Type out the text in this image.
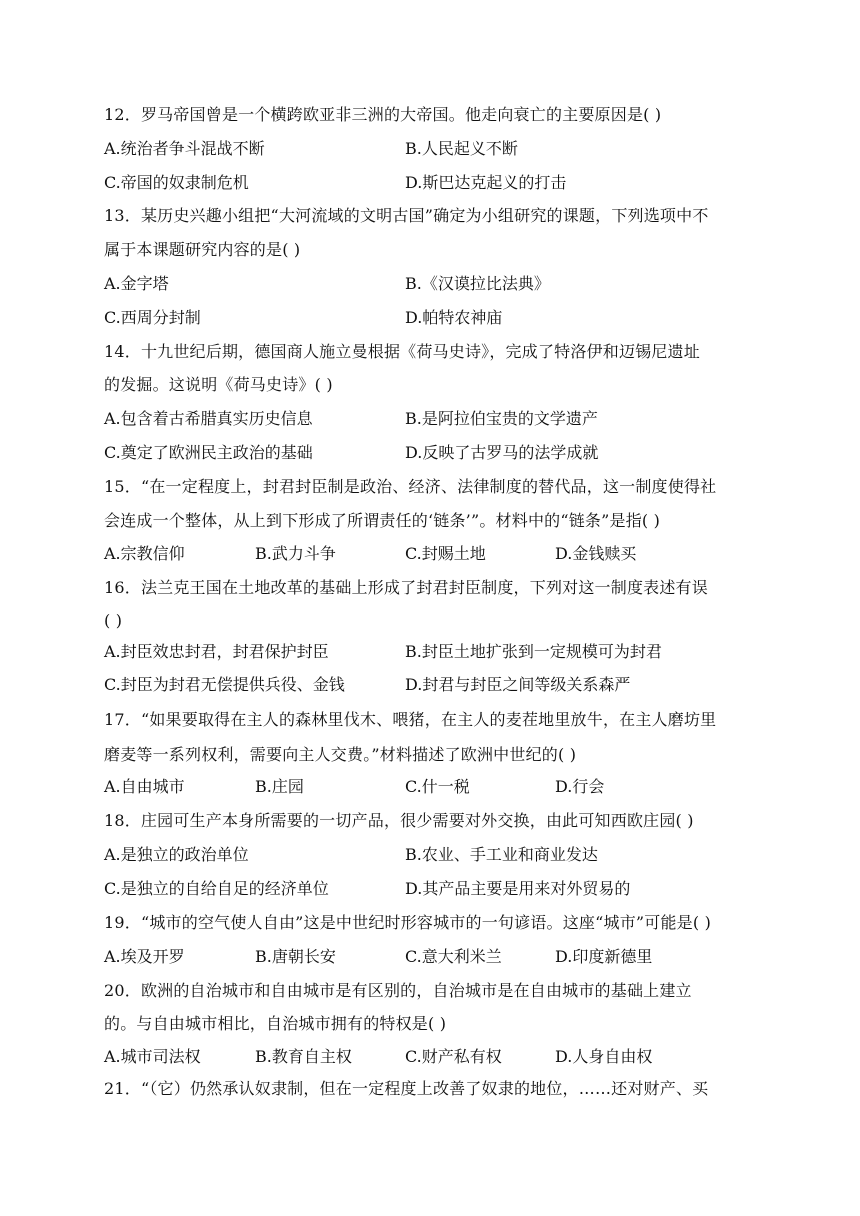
12．罗马帝国曾是一个横跨欧亚非三洲的大帝国。他走向衰亡的主要原因是( )
A.统治者争斗混战不断	B.人民起义不断
C.帝国的奴隶制危机	D.斯巴达克起义的打击
13．某历史兴趣小组把“大河流域的文明古国”确定为小组研究的课题，下列选项中不
属于本课题研究内容的是( )
A.金字塔	B.《汉谟拉比法典》
C.西周分封制	D.帕特农神庙
14．十九世纪后期，德国商人施立曼根据《荷马史诗》，完成了特洛伊和迈锡尼遗址
的发掘。这说明《荷马史诗》( )
A.包含着古希腊真实历史信息	B.是阿拉伯宝贵的文学遗产
C.奠定了欧洲民主政治的基础	D.反映了古罗马的法学成就
15．“在一定程度上，封君封臣制是政治、经济、法律制度的替代品，这一制度使得社
会连成一个整体，从上到下形成了所谓责任的‘链条’”。材料中的“链条”是指( )
A.宗教信仰	B.武力斗争	C.封赐土地	D.金钱赎买
16．法兰克王国在土地改革的基础上形成了封君封臣制度，下列对这一制度表述有误
( )
A.封臣效忠封君，封君保护封臣	B.封臣土地扩张到一定规模可为封君
C.封臣为封君无偿提供兵役、金钱	D.封君与封臣之间等级关系森严
17．“如果要取得在主人的森林里伐木、喂猪，在主人的麦茬地里放牛，在主人磨坊里
磨麦等一系列权利，需要向主人交费。”材料描述了欧洲中世纪的( )
A.自由城市	B.庄园	C.什一税	D.行会
18．庄园可生产本身所需要的一切产品，很少需要对外交换，由此可知西欧庄园( )
A.是独立的政治单位	B.农业、手工业和商业发达
C.是独立的自给自足的经济单位	D.其产品主要是用来对外贸易的
19．“城市的空气使人自由”这是中世纪时形容城市的一句谚语。这座“城市”可能是( )
A.埃及开罗	B.唐朝长安	C.意大利米兰	D.印度新德里
20．欧洲的自治城市和自由城市是有区别的，自治城市是在自由城市的基础上建立
的。与自由城市相比，自治城市拥有的特权是( )
A.城市司法权	B.教育自主权	C.财产私有权	D.人身自由权
21．“（它）仍然承认奴隶制，但在一定程度上改善了奴隶的地位，……还对财产、买
